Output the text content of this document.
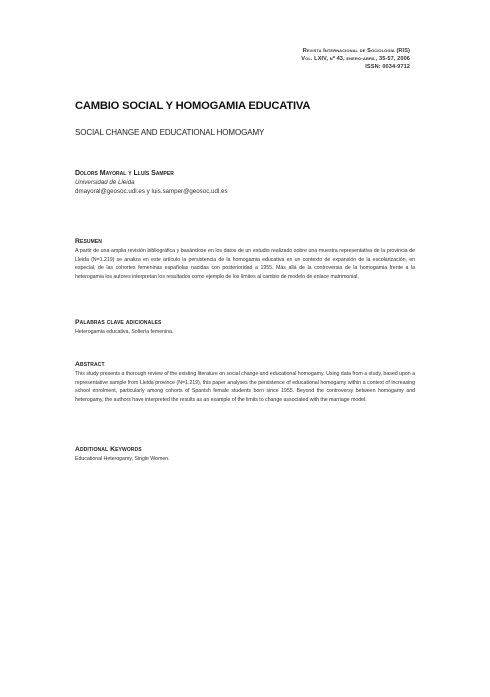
Revista Internacional de Sociología (RIS)
Vol. LXIV, nº 43, enero-abril, 35-57, 2006
ISSN: 0034-9712
CAMBIO SOCIAL Y HOMOGAMIA EDUCATIVA
SOCIAL CHANGE AND EDUCATIONAL HOMOGAMY
Dolors Mayoral y Lluís Samper
Universidad de Lleida
dmayoral@geosoc.udl.es y luis.samper@geosoc.udl.es
Resumen

A partir de una amplia revisión bibliográfica y basándose en los datos de un estudio realizado sobre una muestra representativa de la provincia de Lleida (N=1.219) se analiza en este artículo la persistencia de la homogamia educativa en un contexto de expansión de la escolarización, en especial, de las cohortes femeninas españolas nacidas con posterioridad a 1955. Más allá de la controversia de la homogamia frente a la heterogamia los autores interpretan los resultados como ejemplo de los límites al cambio de modelo de enlace matrimonial.

Palabras clave adicionales

Heterogamia educativa, Soltería femenina.

Abstract

This study presents a thorough review of the existing literature on social change and educational homogamy. Using data from a study, based upon a representative sample from Lleida province (N=1.219), this paper analyses the persistence of educational homogamy within a context of increasing school enrolment, particularly among cohorts of Spanish female students born since 1955. Beyond the controversy between homogamy and heterogamy, the authors have interpreted the results as an example of the limits to change associated with the marriage model.

Additional Keywords

Educational Heterogamy, Single Women.
